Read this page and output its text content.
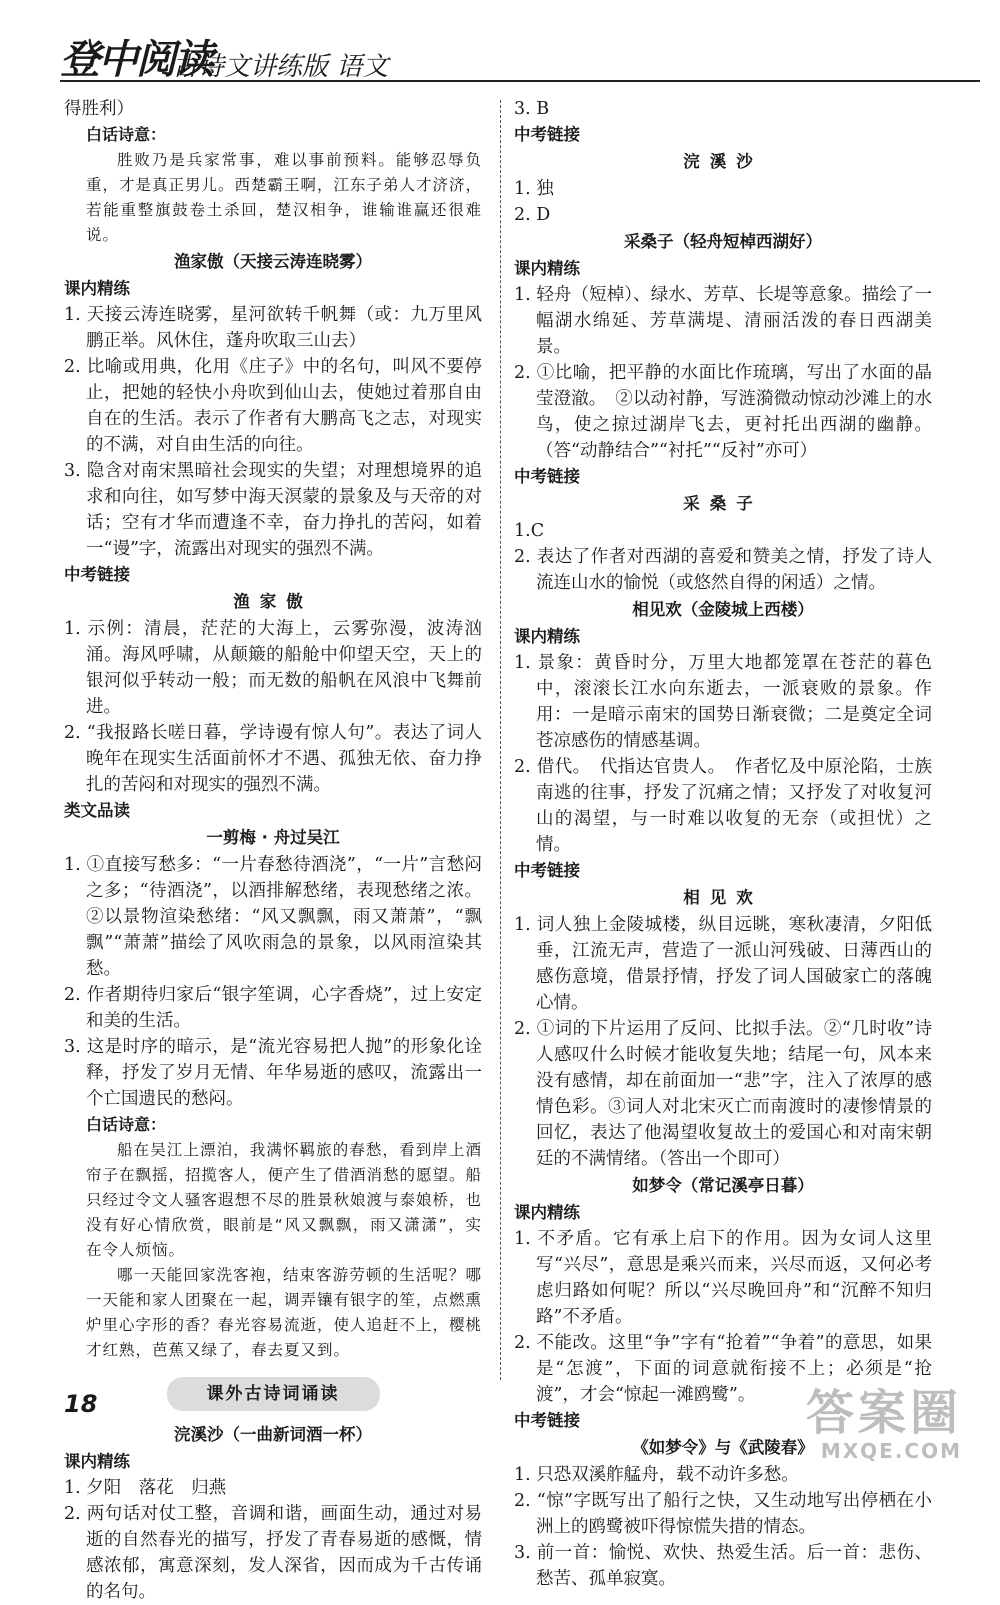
登中阅读
古诗文讲练版 语文
得胜利）
白话诗意：
胜败乃是兵家常事，难以事前预料。能够忍辱负重，才是真正男儿。西楚霸王啊，江东子弟人才济济，若能重整旗鼓卷土杀回，楚汉相争，谁输谁赢还很难说。
渔家傲（天接云涛连晓雾）
课内精练
1. 天接云涛连晓雾，星河欲转千帆舞（或：九万里风鹏正举。风休住，蓬舟吹取三山去）
2. 比喻或用典，化用《庄子》中的名句，叫风不要停止，把她的轻快小舟吹到仙山去，使她过着那自由自在的生活。表示了作者有大鹏高飞之志，对现实的不满，对自由生活的向往。
3. 隐含对南宋黑暗社会现实的失望；对理想境界的追求和向往，如写梦中海天溟蒙的景象及与天帝的对话；空有才华而遭逢不幸，奋力挣扎的苦闷，如着一“谩”字，流露出对现实的强烈不满。
中考链接
渔家傲
1. 示例：清晨，茫茫的大海上，云雾弥漫，波涛汹涌。海风呼啸，从颠簸的船舱中仰望天空，天上的银河似乎转动一般；而无数的船帆在风浪中飞舞前进。
2. “我报路长嗟日暮，学诗谩有惊人句”。表达了词人晚年在现实生活面前怀才不遇、孤独无依、奋力挣扎的苦闷和对现实的强烈不满。
类文品读
一剪梅 · 舟过吴江
1. ①直接写愁多：“一片春愁待酒浇”，“一片”言愁闷之多；“待酒浇”，以酒排解愁绪，表现愁绪之浓。②以景物渲染愁绪：“风又飘飘，雨又萧萧”，“飘飘”“萧萧”描绘了风吹雨急的景象，以风雨渲染其愁。
2. 作者期待归家后“银字笙调，心字香烧”，过上安定和美的生活。
3. 这是时序的暗示，是“流光容易把人抛”的形象化诠释，抒发了岁月无情、年华易逝的感叹，流露出一个亡国遗民的愁闷。
白话诗意：
船在吴江上漂泊，我满怀羁旅的春愁，看到岸上酒帘子在飘摇，招揽客人，便产生了借酒消愁的愿望。船只经过令文人骚客遐想不尽的胜景秋娘渡与泰娘桥，也没有好心情欣赏，眼前是“风又飘飘，雨又潇潇”，实在令人烦恼。
哪一天能回家洗客袍，结束客游劳顿的生活呢？哪一天能和家人团聚在一起，调弄镶有银字的笙，点燃熏炉里心字形的香？春光容易流逝，使人追赶不上，樱桃才红熟，芭蕉又绿了，春去夏又到。
课外古诗词诵读
浣溪沙（一曲新词酒一杯）
课内精练
1. 夕阳　落花　归燕
2. 两句话对仗工整，音调和谐，画面生动，通过对易逝的自然春光的描写，抒发了青春易逝的感慨，情感浓郁，寓意深刻，发人深省，因而成为千古传诵的名句。
3. B
中考链接
浣溪沙
1. 独
2. D
采桑子（轻舟短棹西湖好）
课内精练
1. 轻舟（短棹）、绿水、芳草、长堤等意象。描绘了一幅湖水绵延、芳草满堤、清丽活泼的春日西湖美景。
2. ①比喻，把平静的水面比作琉璃，写出了水面的晶莹澄澈。　②以动衬静，写涟漪微动惊动沙滩上的水鸟，使之掠过湖岸飞去，更衬托出西湖的幽静。（答“动静结合”“衬托”“反衬”亦可）
中考链接
采桑子
1.C
2. 表达了作者对西湖的喜爱和赞美之情，抒发了诗人流连山水的愉悦（或悠然自得的闲适）之情。
相见欢（金陵城上西楼）
课内精练
1. 景象：黄昏时分，万里大地都笼罩在苍茫的暮色中，滚滚长江水向东逝去，一派衰败的景象。作用：一是暗示南宋的国势日渐衰微；二是奠定全词苍凉感伤的情感基调。
2. 借代。　代指达官贵人。　作者忆及中原沦陷，士族南逃的往事，抒发了沉痛之情；又抒发了对收复河山的渴望，与一时难以收复的无奈（或担忧）之情。
中考链接
相见欢
1. 词人独上金陵城楼，纵目远眺，寒秋凄清，夕阳低垂，江流无声，营造了一派山河残破、日薄西山的感伤意境，借景抒情，抒发了词人国破家亡的落魄心情。
2. ①词的下片运用了反问、比拟手法。②“几时收”诗人感叹什么时候才能收复失地；结尾一句，风本来没有感情，却在前面加一“悲”字，注入了浓厚的感情色彩。③词人对北宋灭亡而南渡时的凄惨情景的回忆，表达了他渴望收复故土的爱国心和对南宋朝廷的不满情绪。（答出一个即可）
如梦令（常记溪亭日暮）
课内精练
1. 不矛盾。它有承上启下的作用。因为女词人这里写“兴尽”，意思是乘兴而来，兴尽而返，又何必考虑归路如何呢？所以“兴尽晚回舟”和“沉醉不知归路”不矛盾。
2. 不能改。这里“争”字有“抢着”“争着”的意思，如果是“怎渡”，下面的词意就衔接不上；必须是“抢渡”，才会“惊起一滩鸥鹭”。
中考链接
《如梦令》与《武陵春》
1. 只恐双溪舴艋舟，载不动许多愁。
2. “惊”字既写出了船行之快，又生动地写出停栖在小洲上的鸥鹭被吓得惊慌失措的情态。
3. 前一首：愉悦、欢快、热爱生活。后一首：悲伤、愁苦、孤单寂寞。
18	答案圈
MXQE.COM
